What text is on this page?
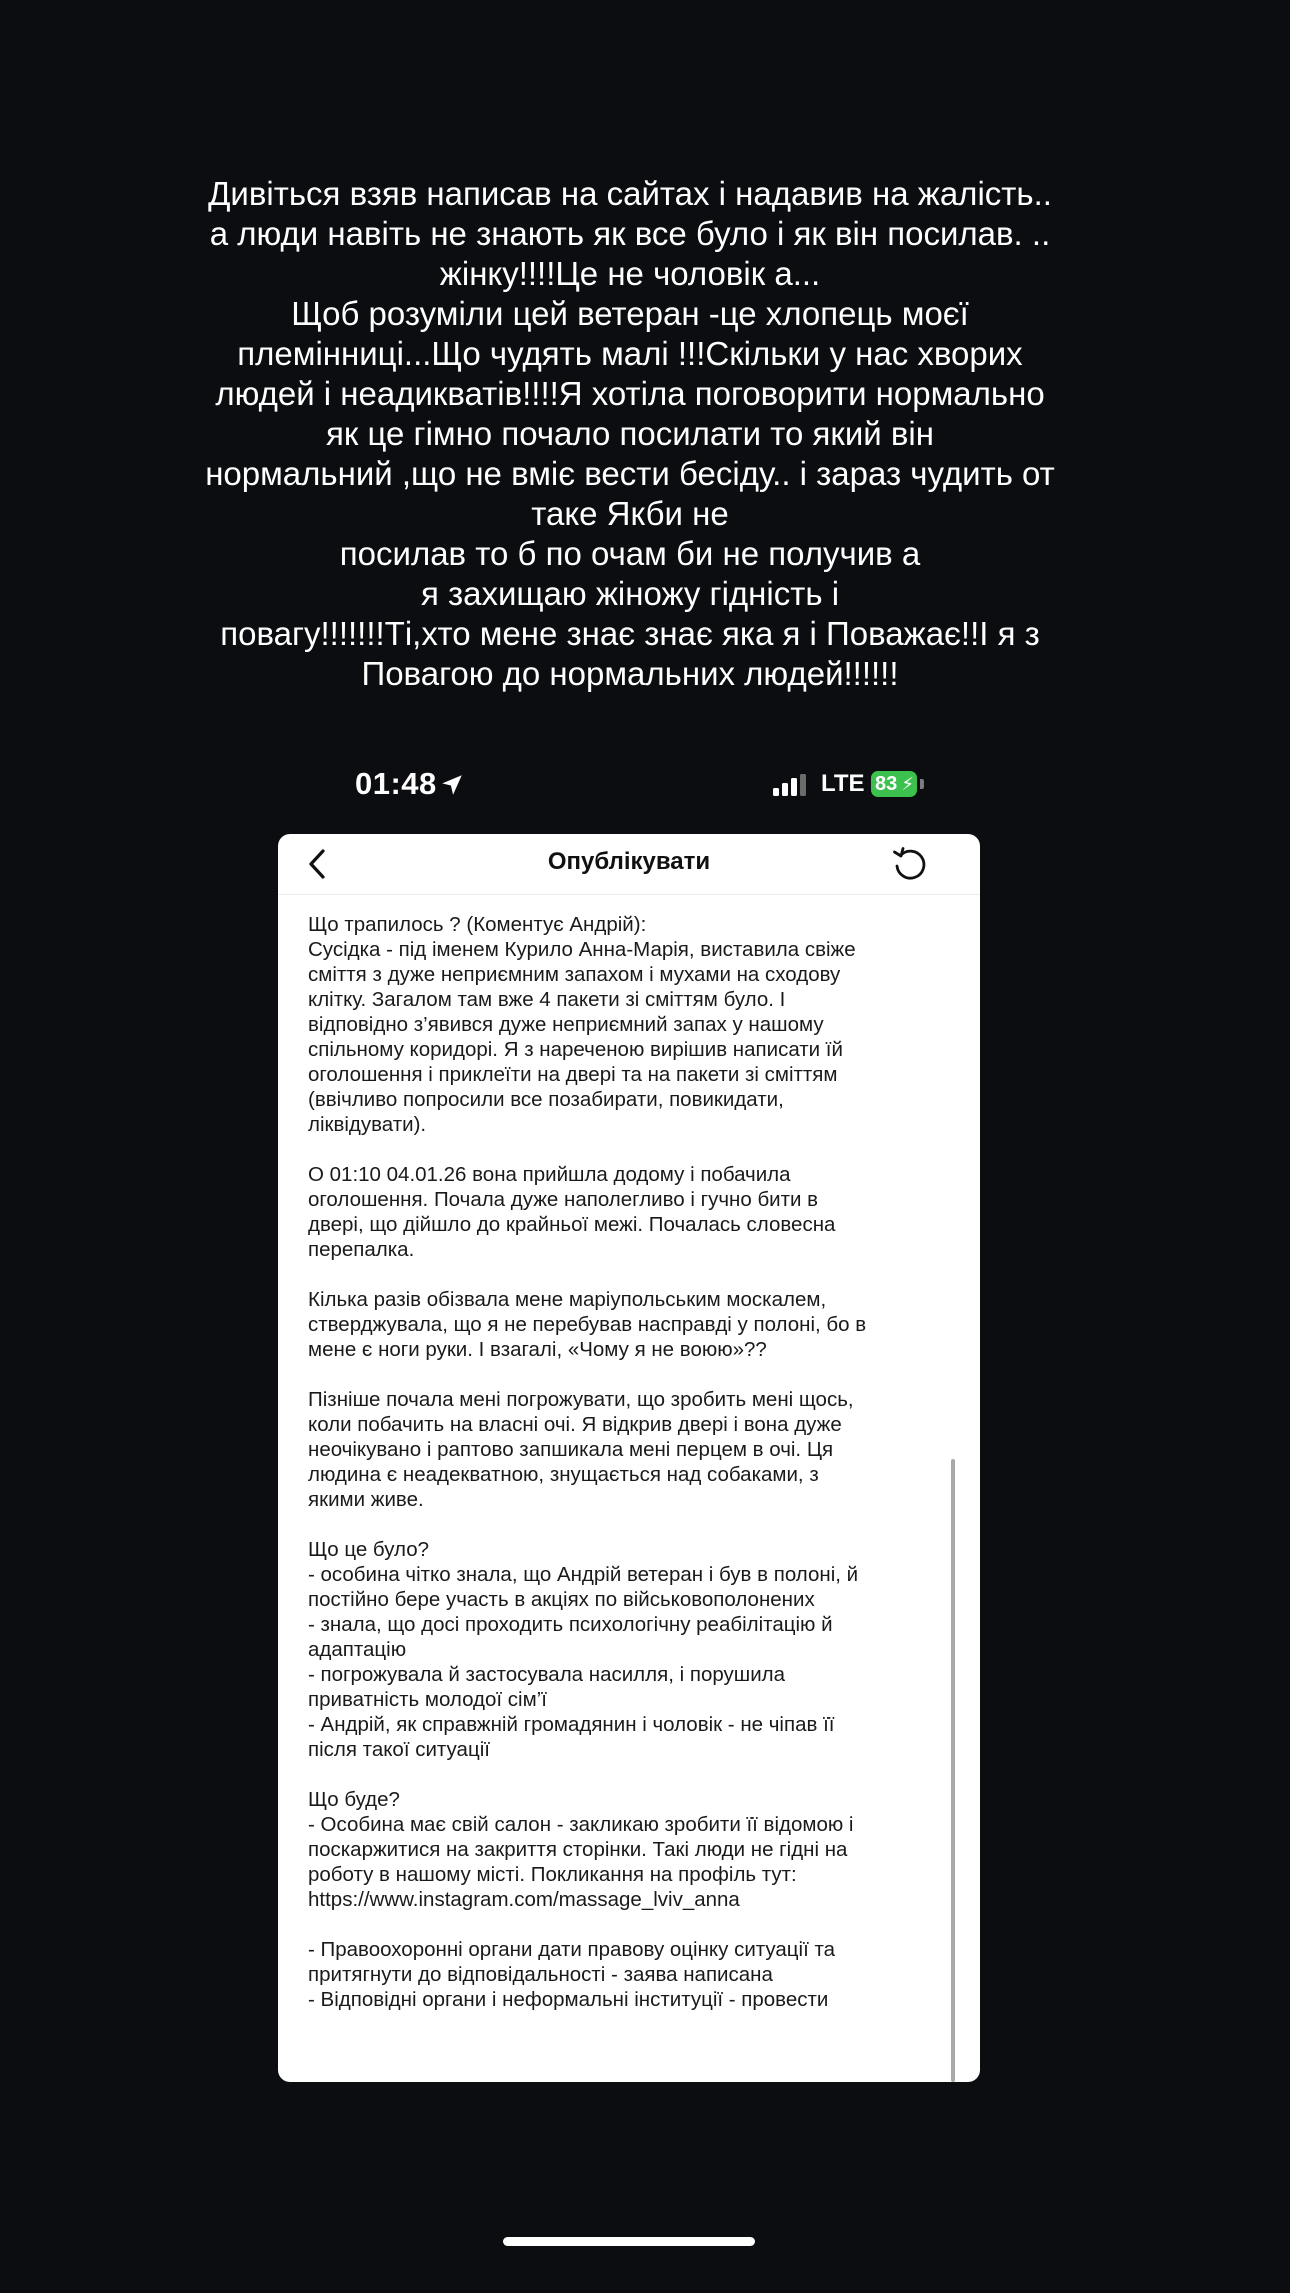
Дивіться взяв написав на сайтах і надавив на жалість..
а люди навіть не знають як все було і як він посилав. ..
жінку!!!!Це не чоловік а...
Щоб розуміли цей ветеран -це хлопець моєї
племінниці...Що чудять малі !!!Скільки у нас хворих
людей і неадикватів!!!!Я хотіла поговорити нормально
як це гімно почало посилати то який він
нормальний ,що не вміє вести бесіду.. і зараз чудить от
таке Якби не
посилав то б по очам би не получив а
я захищаю жіножу гідність і
повагу!!!!!!!Ті,хто мене знає знає яка я і Поважає!!І я з
Повагою до нормальних людей!!!!!!
01:48	LTE 83 ⚡
Опублікувати

Що трапилось ? (Коментує Андрій):
Сусідка - під іменем Курило Анна-Марія, виставила свіже
сміття з дуже неприємним запахом і мухами на сходову
клітку. Загалом там вже 4 пакети зі сміттям було. І
відповідно з’явився дуже неприємний запах у нашому
спільному коридорі. Я з нареченою вирішив написати їй
оголошення і приклеїти на двері та на пакети зі сміттям
(ввічливо попросили все позабирати, повикидати,
ліквідувати).

О 01:10 04.01.26 вона прийшла додому і побачила
оголошення. Почала дуже наполегливо і гучно бити в
двері, що дійшло до крайньої межі. Почалась словесна
перепалка.

Кілька разів обізвала мене маріупольським москалем,
стверджувала, що я не перебував насправді у полоні, бо в
мене є ноги руки. І взагалі, «Чому я не воюю»??

Пізніше почала мені погрожувати, що зробить мені щось,
коли побачить на власні очі. Я відкрив двері і вона дуже
неочікувано і раптово запшикала мені перцем в очі. Ця
людина є неадекватною, знущається над собаками, з
якими живе.

Що це було?
- особина чітко знала, що Андрій ветеран і був в полоні, й
постійно бере участь в акціях по військовополонених
- знала, що досі проходить психологічну реабілітацію й
адаптацію
- погрожувала й застосувала насилля, і порушила
приватність молодої сім’ї
- Андрій, як справжній громадянин і чоловік - не чіпав її
після такої ситуації

Що буде?
- Особина має свій салон - закликаю зробити її відомою і
поскаржитися на закриття сторінки. Такі люди не гідні на
роботу в нашому місті. Покликання на профіль тут:
https://www.instagram.com/massage_lviv_anna

- Правоохоронні органи дати правову оцінку ситуації та
притягнути до відповідальності - заява написана
- Відповідні органи і неформальні інституції - провести
